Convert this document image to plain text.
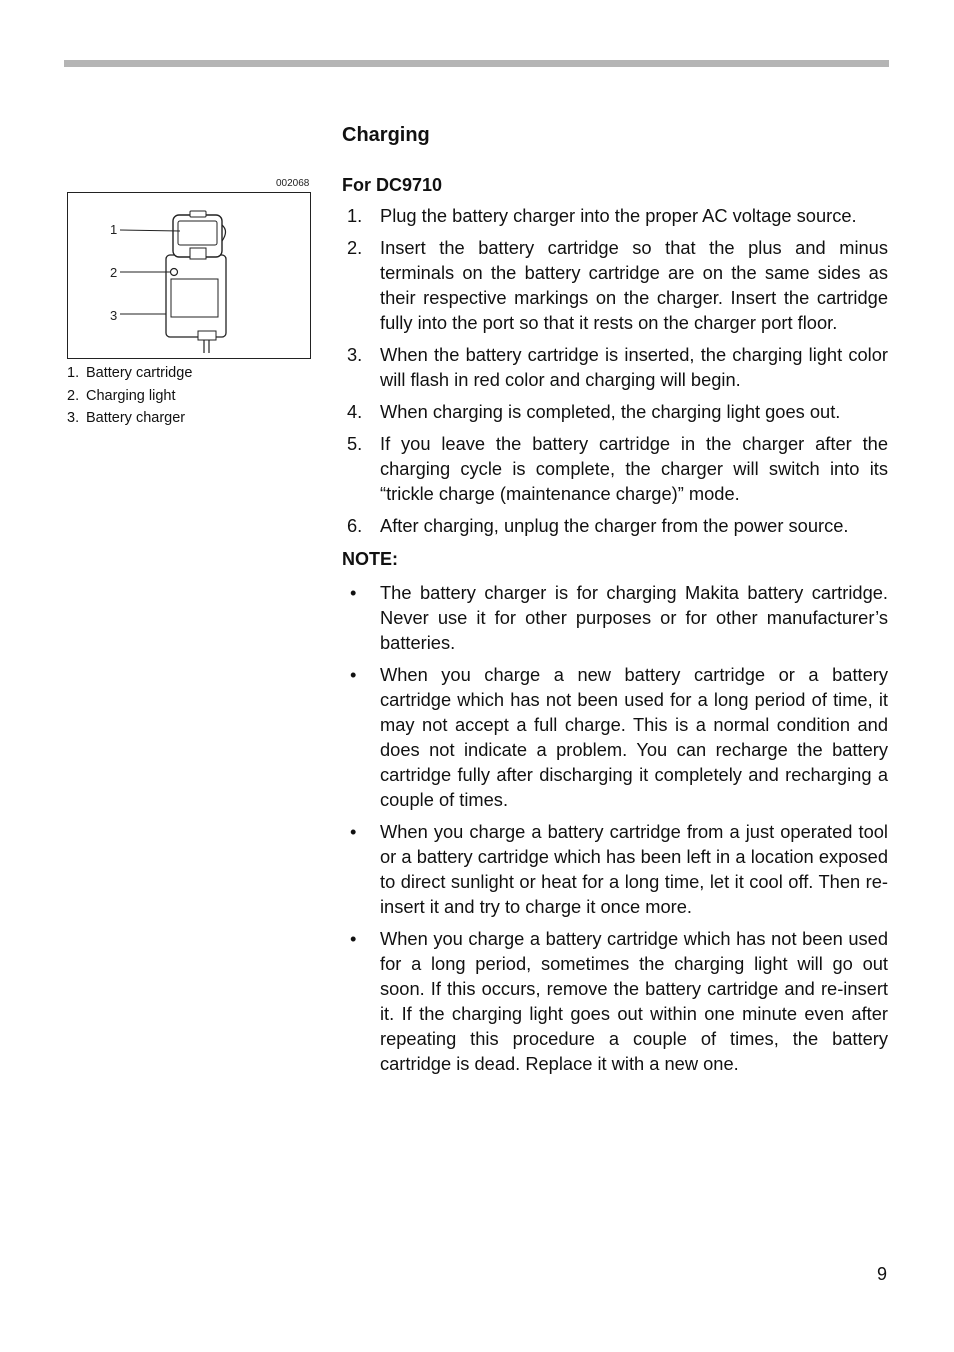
002068
1
2
3
1. Battery cartridge
2. Charging light
3. Battery charger
Charging
For DC9710
1. Plug the battery charger into the proper AC voltage source.
2. Insert the battery cartridge so that the plus and minus terminals on the battery cartridge are on the same sides as their respective markings on the charger. Insert the cartridge fully into the port so that it rests on the charger port floor.
3. When the battery cartridge is inserted, the charging light color will flash in red color and charging will begin.
4. When charging is completed, the charging light goes out.
5. If you leave the battery cartridge in the charger after the charging cycle is complete, the charger will switch into its “trickle charge (maintenance charge)” mode.
6. After charging, unplug the charger from the power source.
NOTE:
• The battery charger is for charging Makita battery cartridge. Never use it for other purposes or for other manufacturer’s batteries.
• When you charge a new battery cartridge or a battery cartridge which has not been used for a long period of time, it may not accept a full charge. This is a normal condition and does not indicate a problem. You can recharge the battery cartridge fully after discharging it completely and recharging a couple of times.
• When you charge a battery cartridge from a just operated tool or a battery cartridge which has been left in a location exposed to direct sunlight or heat for a long time, let it cool off. Then re-insert it and try to charge it once more.
• When you charge a battery cartridge which has not been used for a long period, sometimes the charging light will go out soon. If this occurs, remove the battery cartridge and re-insert it. If the charging light goes out within one minute even after repeating this procedure a couple of times, the battery cartridge is dead. Replace it with a new one.
9
